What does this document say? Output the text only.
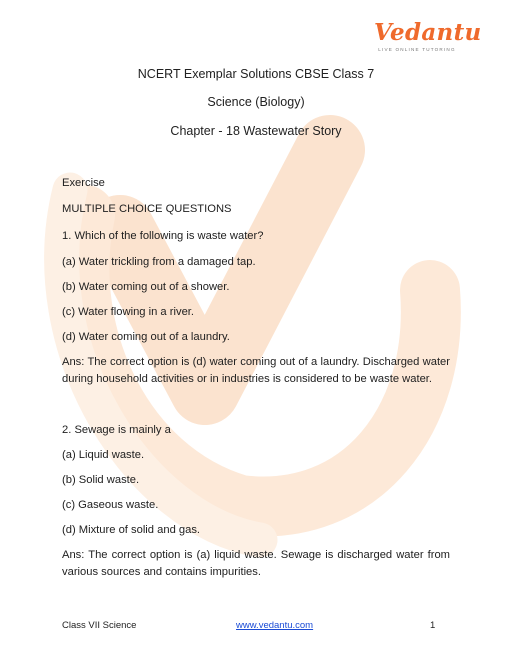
Vedantu
LIVE ONLINE TUTORING
NCERT Exemplar Solutions CBSE Class 7
Science (Biology)
Chapter - 18 Wastewater Story
Exercise
MULTIPLE CHOICE QUESTIONS
1. Which of the following is waste water?
(a) Water trickling from a damaged tap.
(b) Water coming out of a shower.
(c) Water flowing in a river.
(d) Water coming out of a laundry.
Ans: The correct option is (d) water coming out of a laundry. Discharged water during household activities or in industries is considered to be waste water.
2. Sewage is mainly a
(a) Liquid waste.
(b) Solid waste.
(c) Gaseous waste.
(d) Mixture of solid and gas.
Ans: The correct option is (a) liquid waste. Sewage is discharged water from various sources and contains impurities.
Class VII Science	www.vedantu.com	1
